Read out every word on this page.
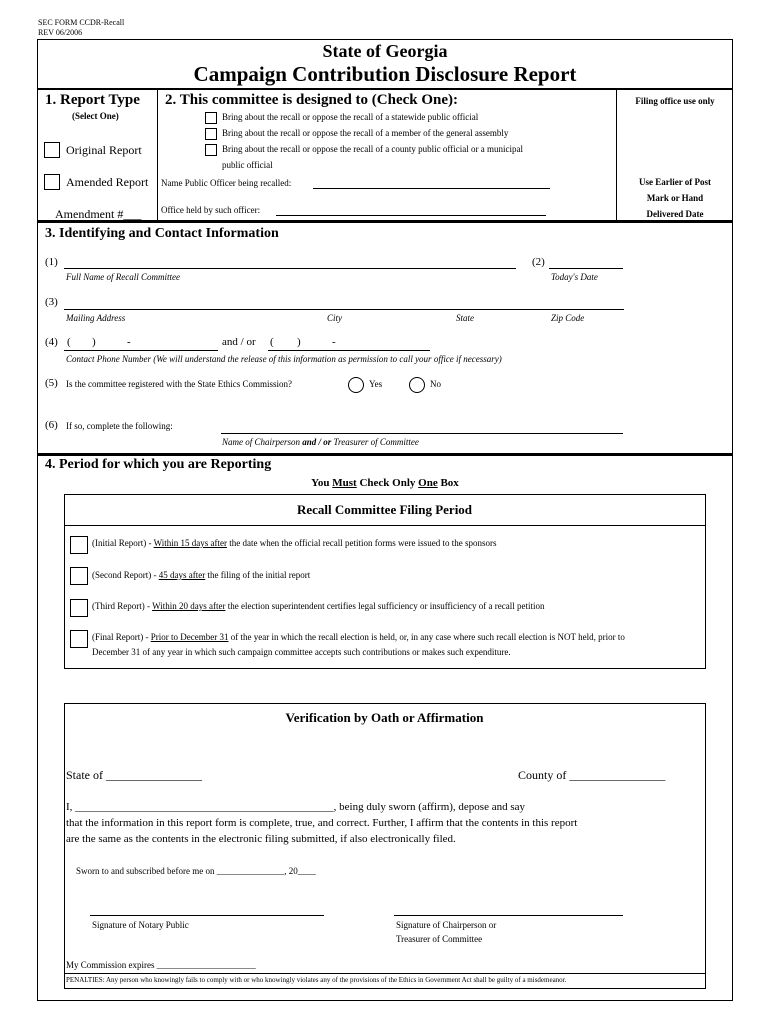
SEC FORM CCDR-Recall
REV 06/2006
State of Georgia
Campaign Contribution Disclosure Report
1. Report Type
(Select One)
Original Report
Amended Report
Amendment #___
2. This committee is designed to (Check One):
Bring about the recall or oppose the recall of a statewide public official
Bring about the recall or oppose the recall of a member of the general assembly
Bring about the recall or oppose the recall of a county public official or a municipal
public official
Name Public Officer being recalled:
Office held by such officer:
Filing office use only
Use Earlier of Post
Mark or Hand
Delivered Date
3. Identifying and Contact Information
(1)	(2)
Full Name of Recall Committee	Today's Date
(3)
Mailing Address	City	State	Zip Code
(4) ( )	-	and / or ( )	-
Contact Phone Number (We will understand the release of this information as permission to call your office if necessary)
(5) Is the committee registered with the State Ethics Commission?	Yes	No
(6) If so, complete the following:
Name of Chairperson and / or Treasurer of Committee
4. Period for which you are Reporting
You Must Check Only One Box
Recall Committee Filing Period
(Initial Report) - Within 15 days after the date when the official recall petition forms were issued to the sponsors
(Second Report) - 45 days after the filing of the initial report
(Third Report) - Within 20 days after the election superintendent certifies legal sufficiency or insufficiency of a recall petition
(Final Report) - Prior to December 31 of the year in which the recall election is held, or, in any case where such recall election is NOT held, prior to
December 31 of any year in which such campaign committee accepts such contributions or makes such expenditure.
Verification by Oath or Affirmation
State of ________________	County of ________________
I, _______________________________________________, being duly sworn (affirm), depose and say
that the information in this report form is complete, true, and correct. Further, I affirm that the contents in this report
are the same as the contents in the electronic filing submitted, if also electronically filed.
Sworn to and subscribed before me on _______________, 20____
Signature of Notary Public	Signature of Chairperson or
Treasurer of Committee
My Commission expires ______________________
PENALTIES: Any person who knowingly fails to comply with or who knowingly violates any of the provisions of the Ethics in Government Act shall be guilty of a misdemeanor.
